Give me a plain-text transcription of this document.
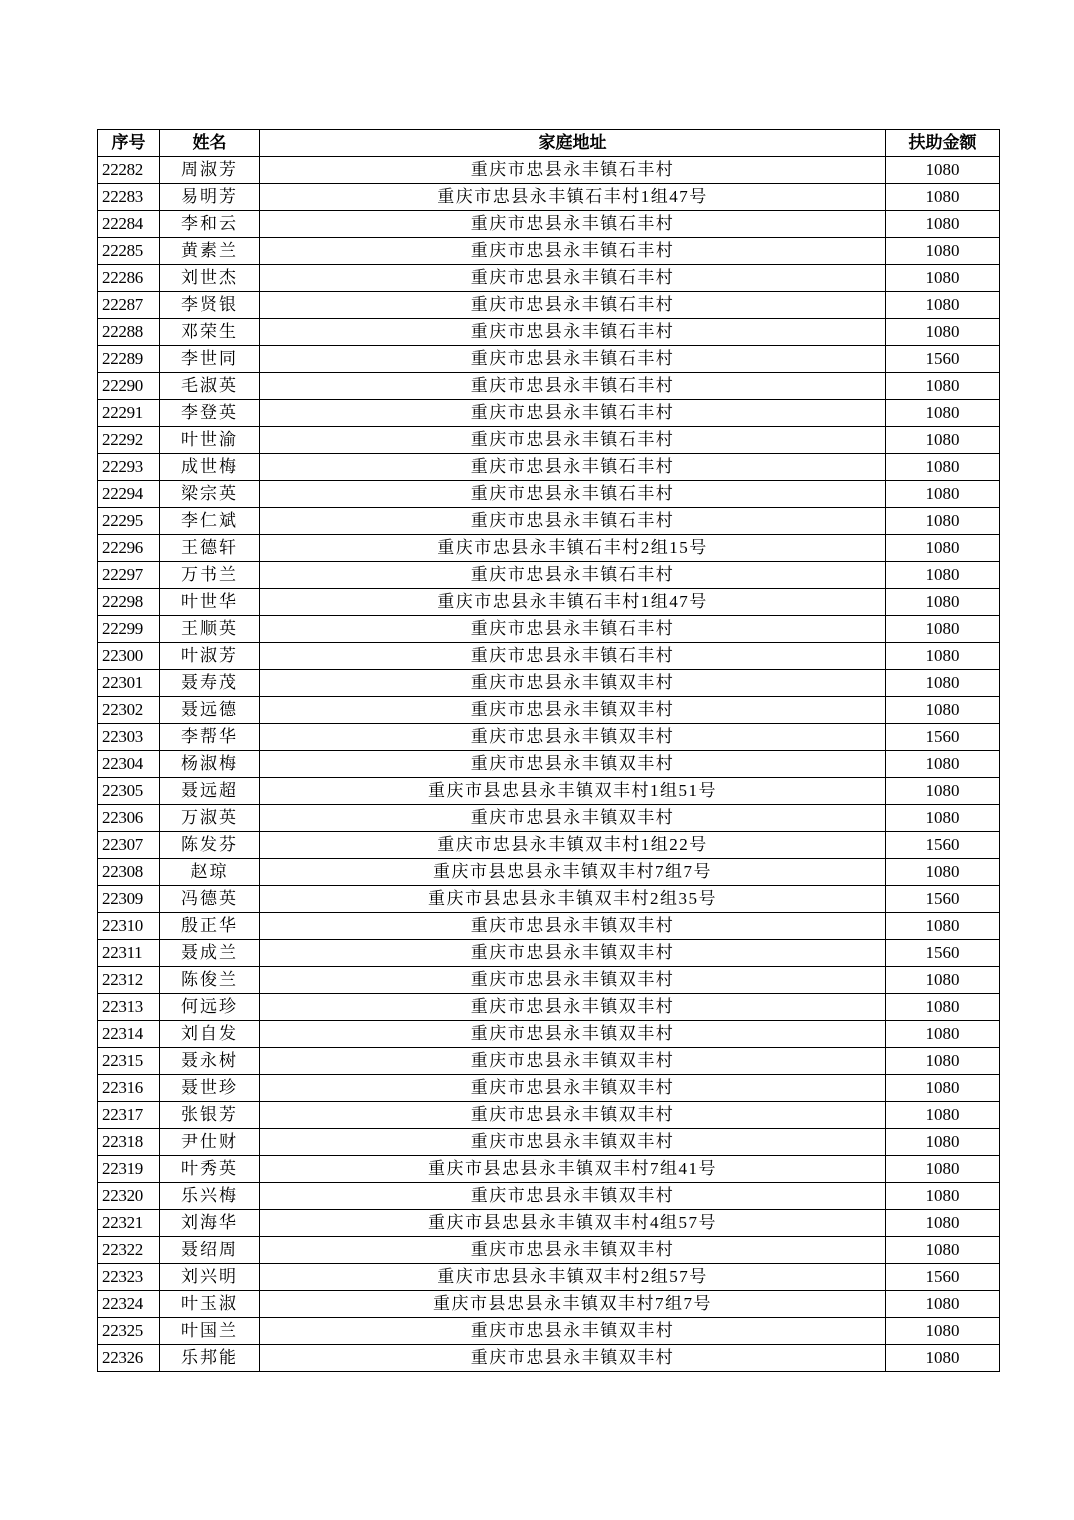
序号	姓名	家庭地址	扶助金额
22282	周淑芳	重庆市忠县永丰镇石丰村	1080
22283	易明芳	重庆市忠县永丰镇石丰村1组47号	1080
22284	李和云	重庆市忠县永丰镇石丰村	1080
22285	黄素兰	重庆市忠县永丰镇石丰村	1080
22286	刘世杰	重庆市忠县永丰镇石丰村	1080
22287	李贤银	重庆市忠县永丰镇石丰村	1080
22288	邓荣生	重庆市忠县永丰镇石丰村	1080
22289	李世同	重庆市忠县永丰镇石丰村	1560
22290	毛淑英	重庆市忠县永丰镇石丰村	1080
22291	李登英	重庆市忠县永丰镇石丰村	1080
22292	叶世渝	重庆市忠县永丰镇石丰村	1080
22293	成世梅	重庆市忠县永丰镇石丰村	1080
22294	梁宗英	重庆市忠县永丰镇石丰村	1080
22295	李仁斌	重庆市忠县永丰镇石丰村	1080
22296	王德轩	重庆市忠县永丰镇石丰村2组15号	1080
22297	万书兰	重庆市忠县永丰镇石丰村	1080
22298	叶世华	重庆市忠县永丰镇石丰村1组47号	1080
22299	王顺英	重庆市忠县永丰镇石丰村	1080
22300	叶淑芳	重庆市忠县永丰镇石丰村	1080
22301	聂寿茂	重庆市忠县永丰镇双丰村	1080
22302	聂远德	重庆市忠县永丰镇双丰村	1080
22303	李帮华	重庆市忠县永丰镇双丰村	1560
22304	杨淑梅	重庆市忠县永丰镇双丰村	1080
22305	聂远超	重庆市县忠县永丰镇双丰村1组51号	1080
22306	万淑英	重庆市忠县永丰镇双丰村	1080
22307	陈发芬	重庆市忠县永丰镇双丰村1组22号	1560
22308	赵琼	重庆市县忠县永丰镇双丰村7组7号	1080
22309	冯德英	重庆市县忠县永丰镇双丰村2组35号	1560
22310	殷正华	重庆市忠县永丰镇双丰村	1080
22311	聂成兰	重庆市忠县永丰镇双丰村	1560
22312	陈俊兰	重庆市忠县永丰镇双丰村	1080
22313	何远珍	重庆市忠县永丰镇双丰村	1080
22314	刘自发	重庆市忠县永丰镇双丰村	1080
22315	聂永树	重庆市忠县永丰镇双丰村	1080
22316	聂世珍	重庆市忠县永丰镇双丰村	1080
22317	张银芳	重庆市忠县永丰镇双丰村	1080
22318	尹仕财	重庆市忠县永丰镇双丰村	1080
22319	叶秀英	重庆市县忠县永丰镇双丰村7组41号	1080
22320	乐兴梅	重庆市忠县永丰镇双丰村	1080
22321	刘海华	重庆市县忠县永丰镇双丰村4组57号	1080
22322	聂绍周	重庆市忠县永丰镇双丰村	1080
22323	刘兴明	重庆市忠县永丰镇双丰村2组57号	1560
22324	叶玉淑	重庆市县忠县永丰镇双丰村7组7号	1080
22325	叶国兰	重庆市忠县永丰镇双丰村	1080
22326	乐邦能	重庆市忠县永丰镇双丰村	1080
